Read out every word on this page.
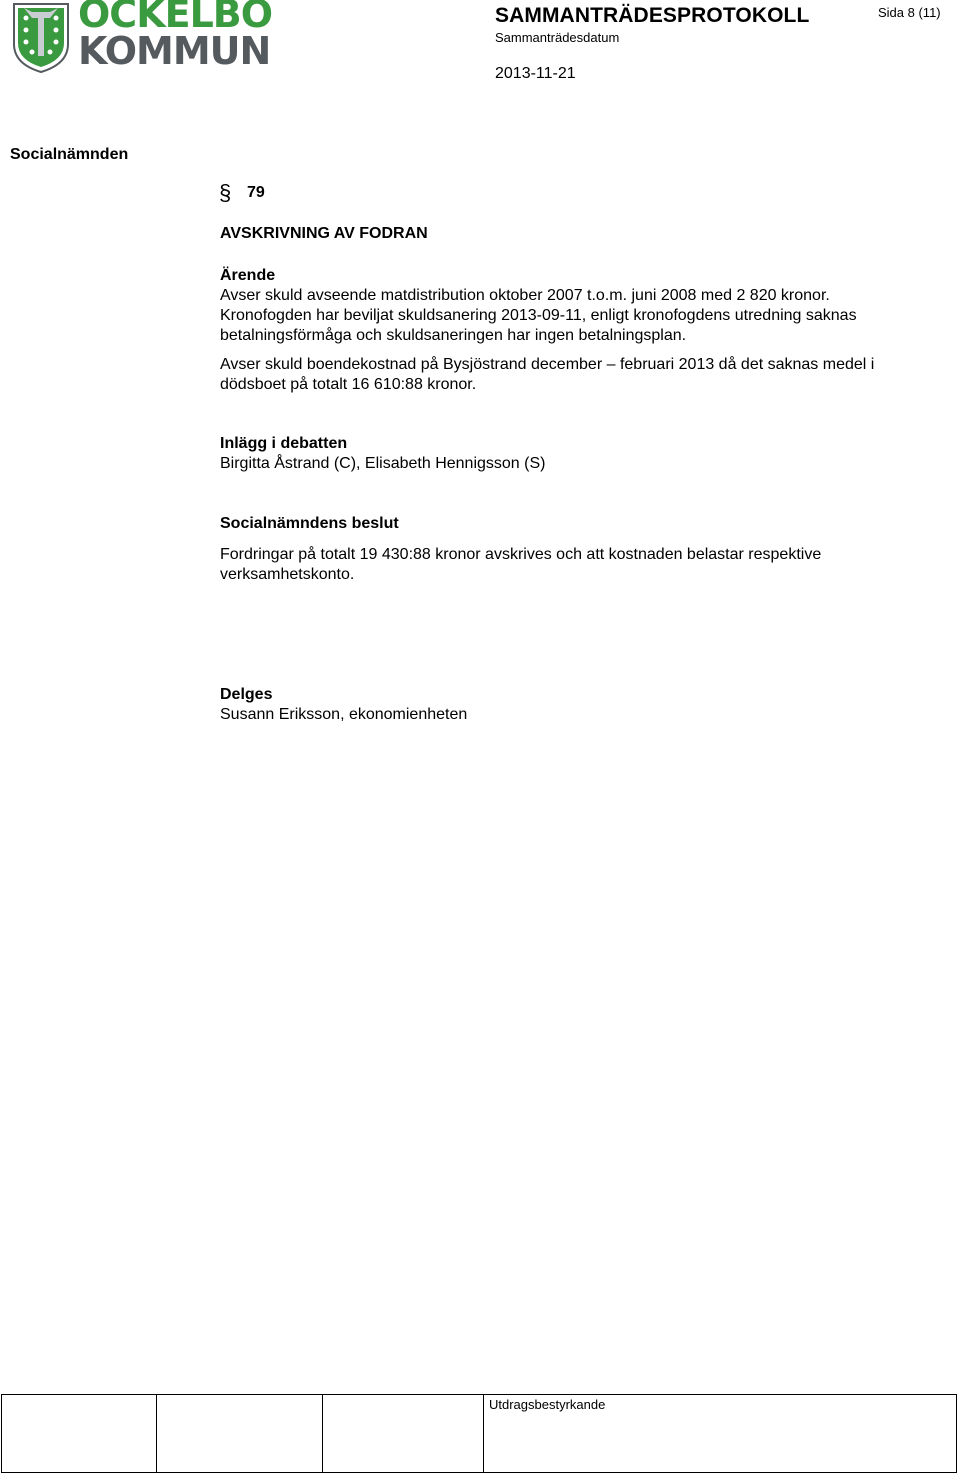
OCKELBO
KOMMUN
SAMMANTRÄDESPROTOKOLL
Sammanträdesdatum
2013-11-21
Sida 8 (11)
Socialnämnden
§ 79
AVSKRIVNING AV FODRAN
Ärende
Avser skuld avseende matdistribution oktober 2007 t.o.m. juni 2008 med 2 820 kronor.
Kronofogden har beviljat skuldsanering 2013-09-11, enligt kronofogdens utredning saknas
betalningsförmåga och skuldsaneringen har ingen betalningsplan.
Avser skuld boendekostnad på Bysjöstrand december – februari 2013 då det saknas medel i
dödsboet på totalt 16 610:88 kronor.
Inlägg i debatten
Birgitta Åstrand (C), Elisabeth Hennigsson (S)
Socialnämndens beslut
Fordringar på totalt 19 430:88 kronor avskrives och att kostnaden belastar respektive
verksamhetskonto.
Delges
Susann Eriksson, ekonomienheten

Utdragsbestyrkande
